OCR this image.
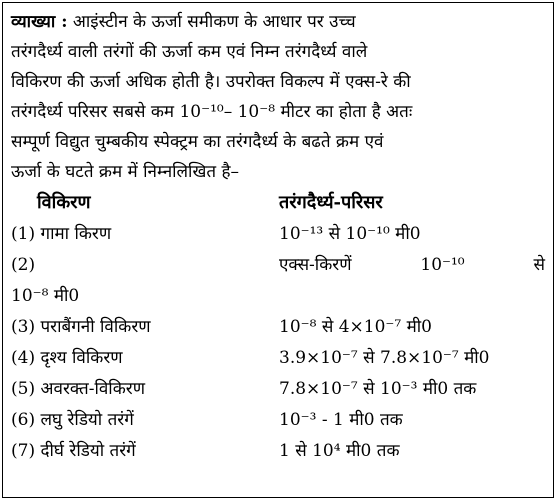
व्याख्या : आइंस्टीन के ऊर्जा समीकण के आधार पर उच्च
तरंगदैर्ध्य वाली तरंगों की ऊर्जा कम एवं निम्न तरंगदैर्ध्य वाले
विकिरण की ऊर्जा अधिक होती है। उपरोक्त विकल्प में एक्स-रे की
तरंगदैर्ध्य परिसर सबसे कम 10⁻¹⁰– 10⁻⁸ मीटर का होता है अतः
सम्पूर्ण विद्युत चुम्बकीय स्पेक्ट्रम का तरंगदैर्ध्य के बढते क्रम एवं
ऊर्जा के घटते क्रम में निम्नलिखित है–
विकिरण	तरंगदैर्ध्य-परिसर
(1) गामा किरण	10⁻¹³ से 10⁻¹⁰ मी0
(2)	एक्स-किरणें	10⁻¹⁰	से
10⁻⁸ मी0
(3) पराबैंगनी विकिरण	10⁻⁸ से 4×10⁻⁷ मी0
(4) दृश्य विकिरण	3.9×10⁻⁷ से 7.8×10⁻⁷ मी0
(5) अवरक्त-विकिरण	7.8×10⁻⁷ से 10⁻³ मी0 तक
(6) लघु रेडियो तरंगें	10⁻³ - 1 मी0 तक
(7) दीर्घ रेडियो तरंगें	1 से 10⁴ मी0 तक
